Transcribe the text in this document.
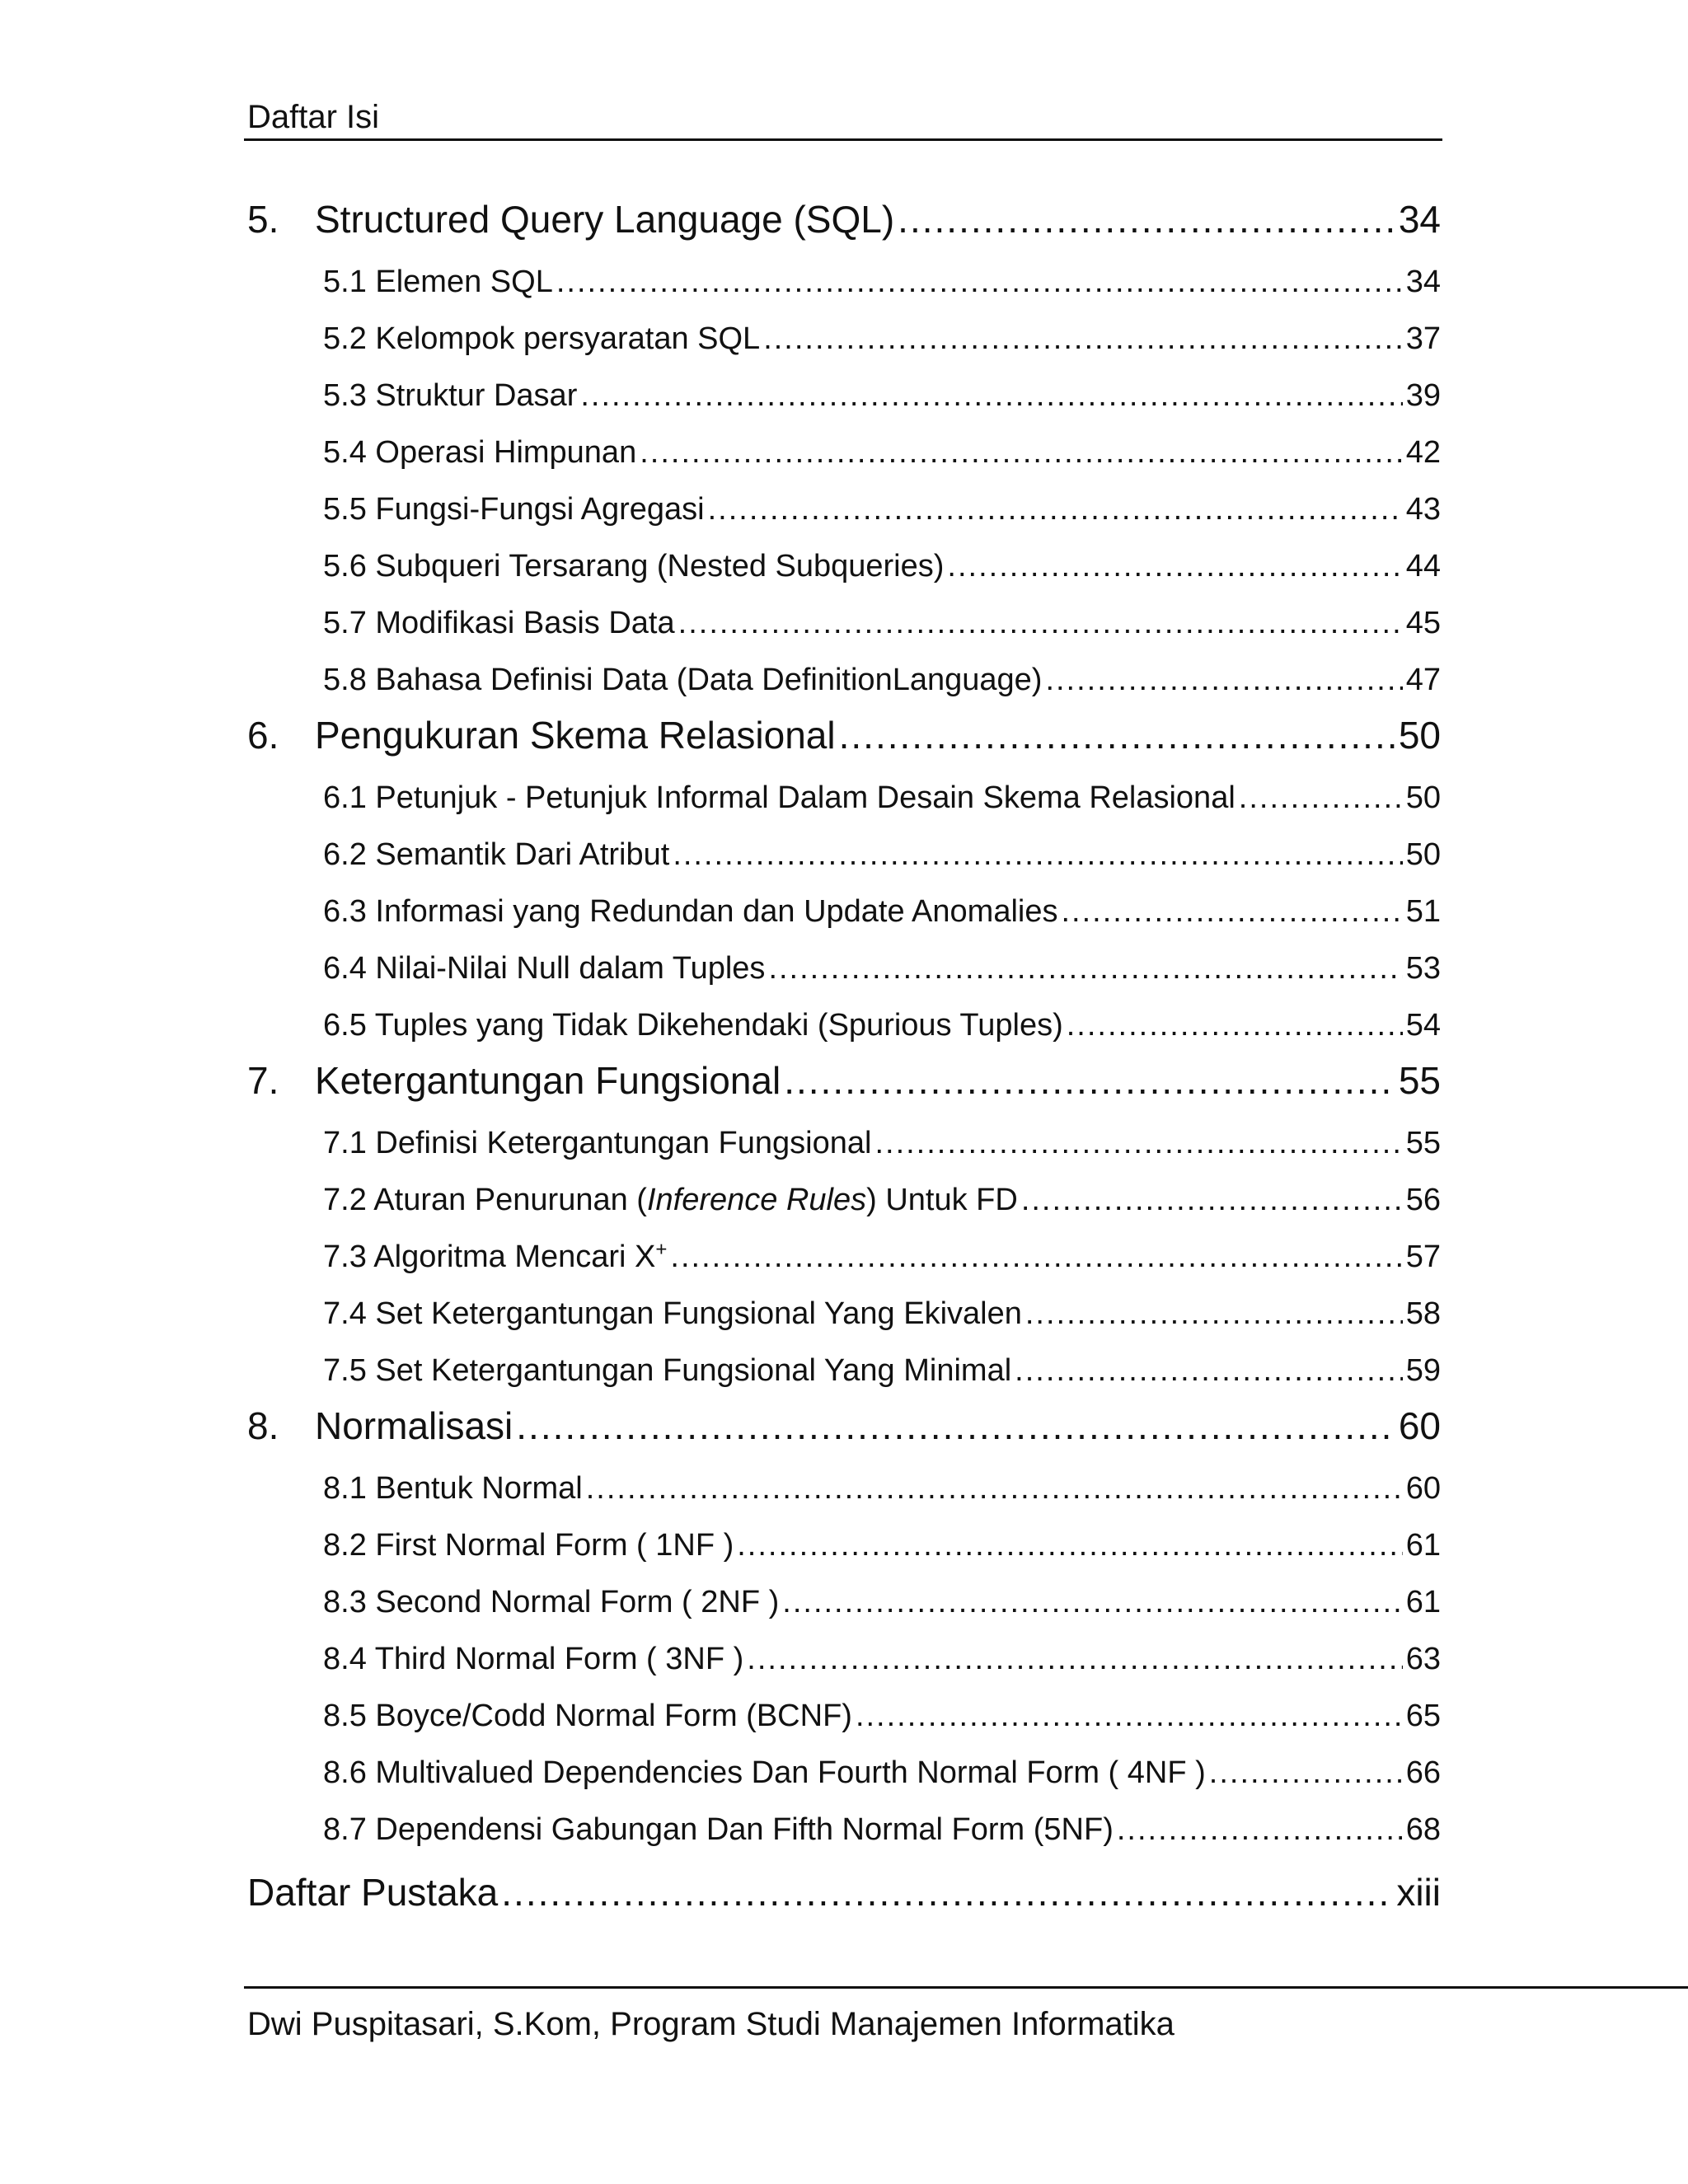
Daftar Isi
5. Structured Query Language (SQL) .....	34
5.1 Elemen SQL .....	34
5.2 Kelompok persyaratan SQL .....	37
5.3 Struktur Dasar .....	39
5.4 Operasi Himpunan .....	42
5.5 Fungsi-Fungsi Agregasi .....	43
5.6 Subqueri Tersarang (Nested Subqueries) .....	44
5.7 Modifikasi Basis Data .....	45
5.8 Bahasa Definisi Data (Data DefinitionLanguage) .....	47
6. Pengukuran Skema Relasional .....	50
6.1 Petunjuk - Petunjuk Informal Dalam Desain Skema Relasional .....	50
6.2 Semantik Dari Atribut .....	50
6.3 Informasi yang Redundan dan Update Anomalies .....	51
6.4 Nilai-Nilai Null dalam Tuples .....	53
6.5 Tuples yang Tidak Dikehendaki (Spurious Tuples) .....	54
7. Ketergantungan Fungsional .....	55
7.1 Definisi Ketergantungan Fungsional .....	55
7.2 Aturan Penurunan (Inference Rules) Untuk FD .....	56
7.3 Algoritma Mencari X+ .....	57
7.4 Set Ketergantungan Fungsional Yang Ekivalen .....	58
7.5 Set Ketergantungan Fungsional Yang Minimal .....	59
8. Normalisasi .....	60
8.1 Bentuk Normal .....	60
8.2 First Normal Form ( 1NF ) .....	61
8.3 Second Normal Form ( 2NF ) .....	61
8.4 Third Normal Form ( 3NF ) .....	63
8.5 Boyce/Codd Normal Form (BCNF) .....	65
8.6 Multivalued Dependencies Dan Fourth Normal Form ( 4NF ) .....	66
8.7 Dependensi Gabungan Dan Fifth Normal Form (5NF) .....	68
Daftar Pustaka .....	xiii
Dwi Puspitasari, S.Kom, Program Studi Manajemen Informatika
